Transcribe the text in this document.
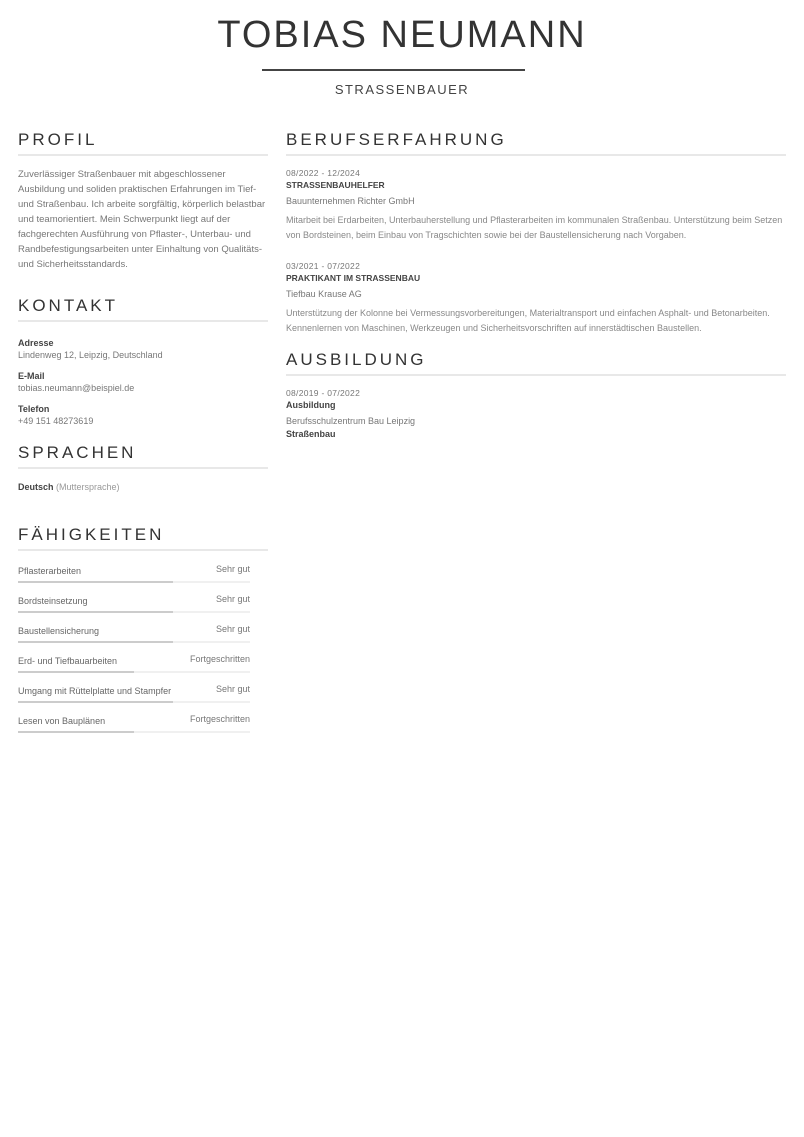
TOBIAS NEUMANN
STRASSENBAUER
PROFIL
Zuverlässiger Straßenbauer mit abgeschlossener Ausbildung und soliden praktischen Erfahrungen im Tief- und Straßenbau. Ich arbeite sorgfältig, körperlich belastbar und teamorientiert. Mein Schwerpunkt liegt auf der fachgerechten Ausführung von Pflaster-, Unterbau- und Randbefestigungsarbeiten unter Einhaltung von Qualitäts- und Sicherheitsstandards.
KONTAKT
Adresse
Lindenweg 12, Leipzig, Deutschland
E-Mail
tobias.neumann@beispiel.de
Telefon
+49 151 48273619
SPRACHEN
Deutsch (Muttersprache)
FÄHIGKEITEN
Pflasterarbeiten	Sehr gut
Bordsteinsetzung	Sehr gut
Baustellensicherung	Sehr gut
Erd- und Tiefbauarbeiten	Fortgeschritten
Umgang mit Rüttelplatte und Stampfer	Sehr gut
Lesen von Bauplänen	Fortgeschritten
BERUFSERFAHRUNG
08/2022 - 12/2024
STRASSENBAUHELFER
Bauunternehmen Richter GmbH
Mitarbeit bei Erdarbeiten, Unterbauherstellung und Pflasterarbeiten im kommunalen Straßenbau. Unterstützung beim Setzen von Bordsteinen, beim Einbau von Tragschichten sowie bei der Baustellensicherung nach Vorgaben.
03/2021 - 07/2022
PRAKTIKANT IM STRASSENBAU
Tiefbau Krause AG
Unterstützung der Kolonne bei Vermessungsvorbereitungen, Materialtransport und einfachen Asphalt- und Betonarbeiten. Kennenlernen von Maschinen, Werkzeugen und Sicherheitsvorschriften auf innerstädtischen Baustellen.
AUSBILDUNG
08/2019 - 07/2022
Ausbildung
Berufsschulzentrum Bau Leipzig
Straßenbau
